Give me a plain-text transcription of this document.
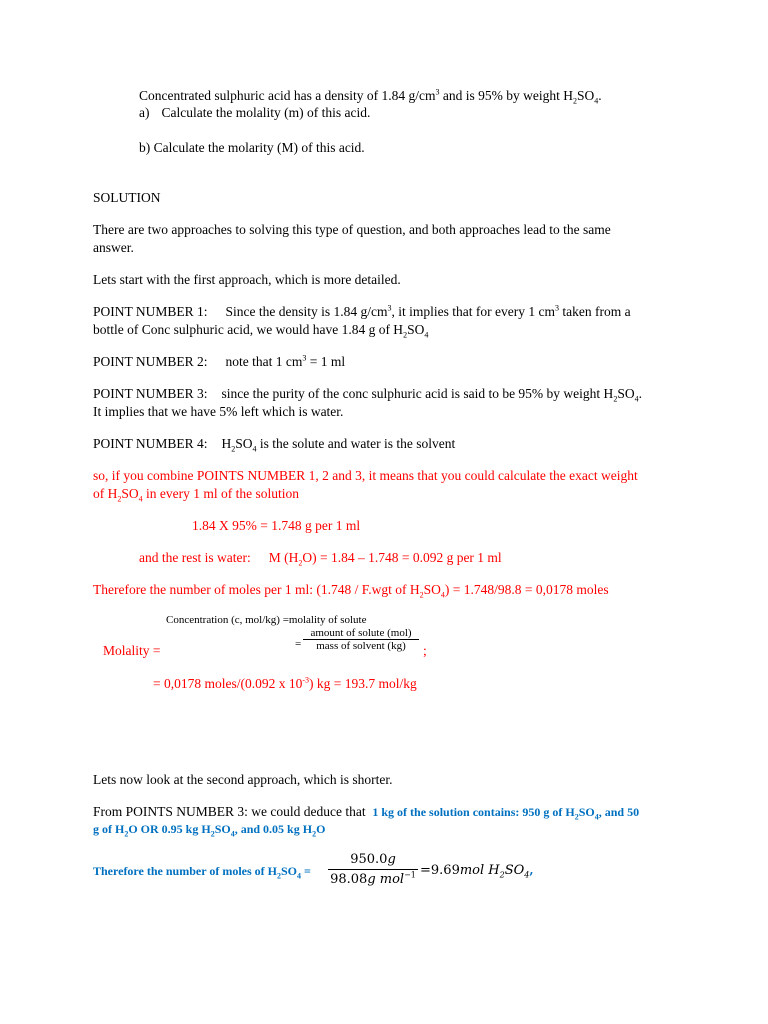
Concentrated sulphuric acid has a density of 1.84 $g/cm^3$ and is 95% by weight $H_2SO_4$.
a) Calculate the molality (m) of this acid.
b) Calculate the molarity (M) of this acid.
SOLUTION
There are two approaches to solving this type of question, and both approaches lead to the same
answer.
Lets start with the first approach, which is more detailed.
POINT NUMBER 1: Since the density is 1.84 $g/cm^3$, it implies that for every 1 $cm^3$ taken from a
bottle of Conc sulphuric acid, we would have 1.84 g of $H_2SO_4$
POINT NUMBER 2: note that 1 $cm^3 = 1$ ml
POINT NUMBER 3: since the purity of the conc sulphuric acid is said to be 95% by weight $H_2SO_4$.
It implies that we have 5% left which is water.
POINT NUMBER 4: $H_2SO_4$ is the solute and water is the solvent
so, if you combine POINTS NUMBER 1, 2 and 3, it means that you could calculate the exact weight
of $H_2SO_4$ in every 1 ml of the solution
1.84 X 95% = 1.748 g per 1 ml
and the rest is water: M $(H_2O) = 1.84 - 1.748 = 0.092$ g per 1 ml
Therefore the number of moles per 1 ml: (1.748 / F.wgt of $H_2SO_4) = 1.748/98.8 = 0,0178$ moles
Concentration (c, mol/kg) =molality of solute
=
amount of solute (mol)
mass of solvent (kg)
Molality =	;
= 0,0178 moles/(0.092 x $10^{-3}$) kg = 193.7 mol/kg
Lets now look at the second approach, which is shorter.
From POINTS NUMBER 3: we could deduce that 1 kg of the solution contains: 950 g of $H_2SO_4$, and 50
g of $H_2O$ OR 0.95 kg $H_2SO_4$, and 0.05 kg $H_2O$
Therefore the number of moles of $H_2SO_4$ =
950.0g
98.08g mol$^{-1}$ =9.69mol $H_2SO_4$,
